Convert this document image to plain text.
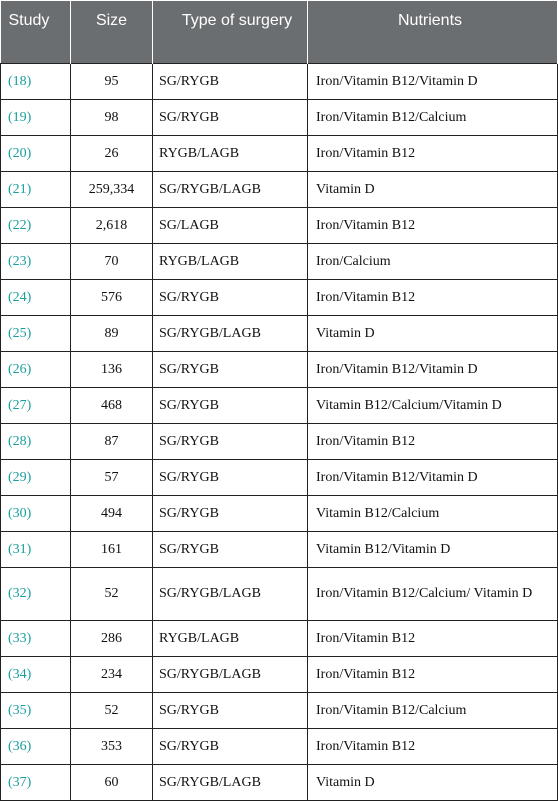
Study	Size	Type of surgery	Nutrients

(18)	95	SG/RYGB	Iron/Vitamin B12/Vitamin D
(19)	98	SG/RYGB	Iron/Vitamin B12/Calcium
(20)	26	RYGB/LAGB	Iron/Vitamin B12
(21)	259,334	SG/RYGB/LAGB	Vitamin D
(22)	2,618	SG/LAGB	Iron/Vitamin B12
(23)	70	RYGB/LAGB	Iron/Calcium
(24)	576	SG/RYGB	Iron/Vitamin B12
(25)	89	SG/RYGB/LAGB	Vitamin D
(26)	136	SG/RYGB	Iron/Vitamin B12/Vitamin D
(27)	468	SG/RYGB	Vitamin B12/Calcium/Vitamin D
(28)	87	SG/RYGB	Iron/Vitamin B12
(29)	57	SG/RYGB	Iron/Vitamin B12/Vitamin D
(30)	494	SG/RYGB	Vitamin B12/Calcium
(31)	161	SG/RYGB	Vitamin B12/Vitamin D
(32)	52	SG/RYGB/LAGB	Iron/Vitamin B12/Calcium/ Vitamin D
(33)	286	RYGB/LAGB	Iron/Vitamin B12
(34)	234	SG/RYGB/LAGB	Iron/Vitamin B12
(35)	52	SG/RYGB	Iron/Vitamin B12/Calcium
(36)	353	SG/RYGB	Iron/Vitamin B12
(37)	60	SG/RYGB/LAGB	Vitamin D
